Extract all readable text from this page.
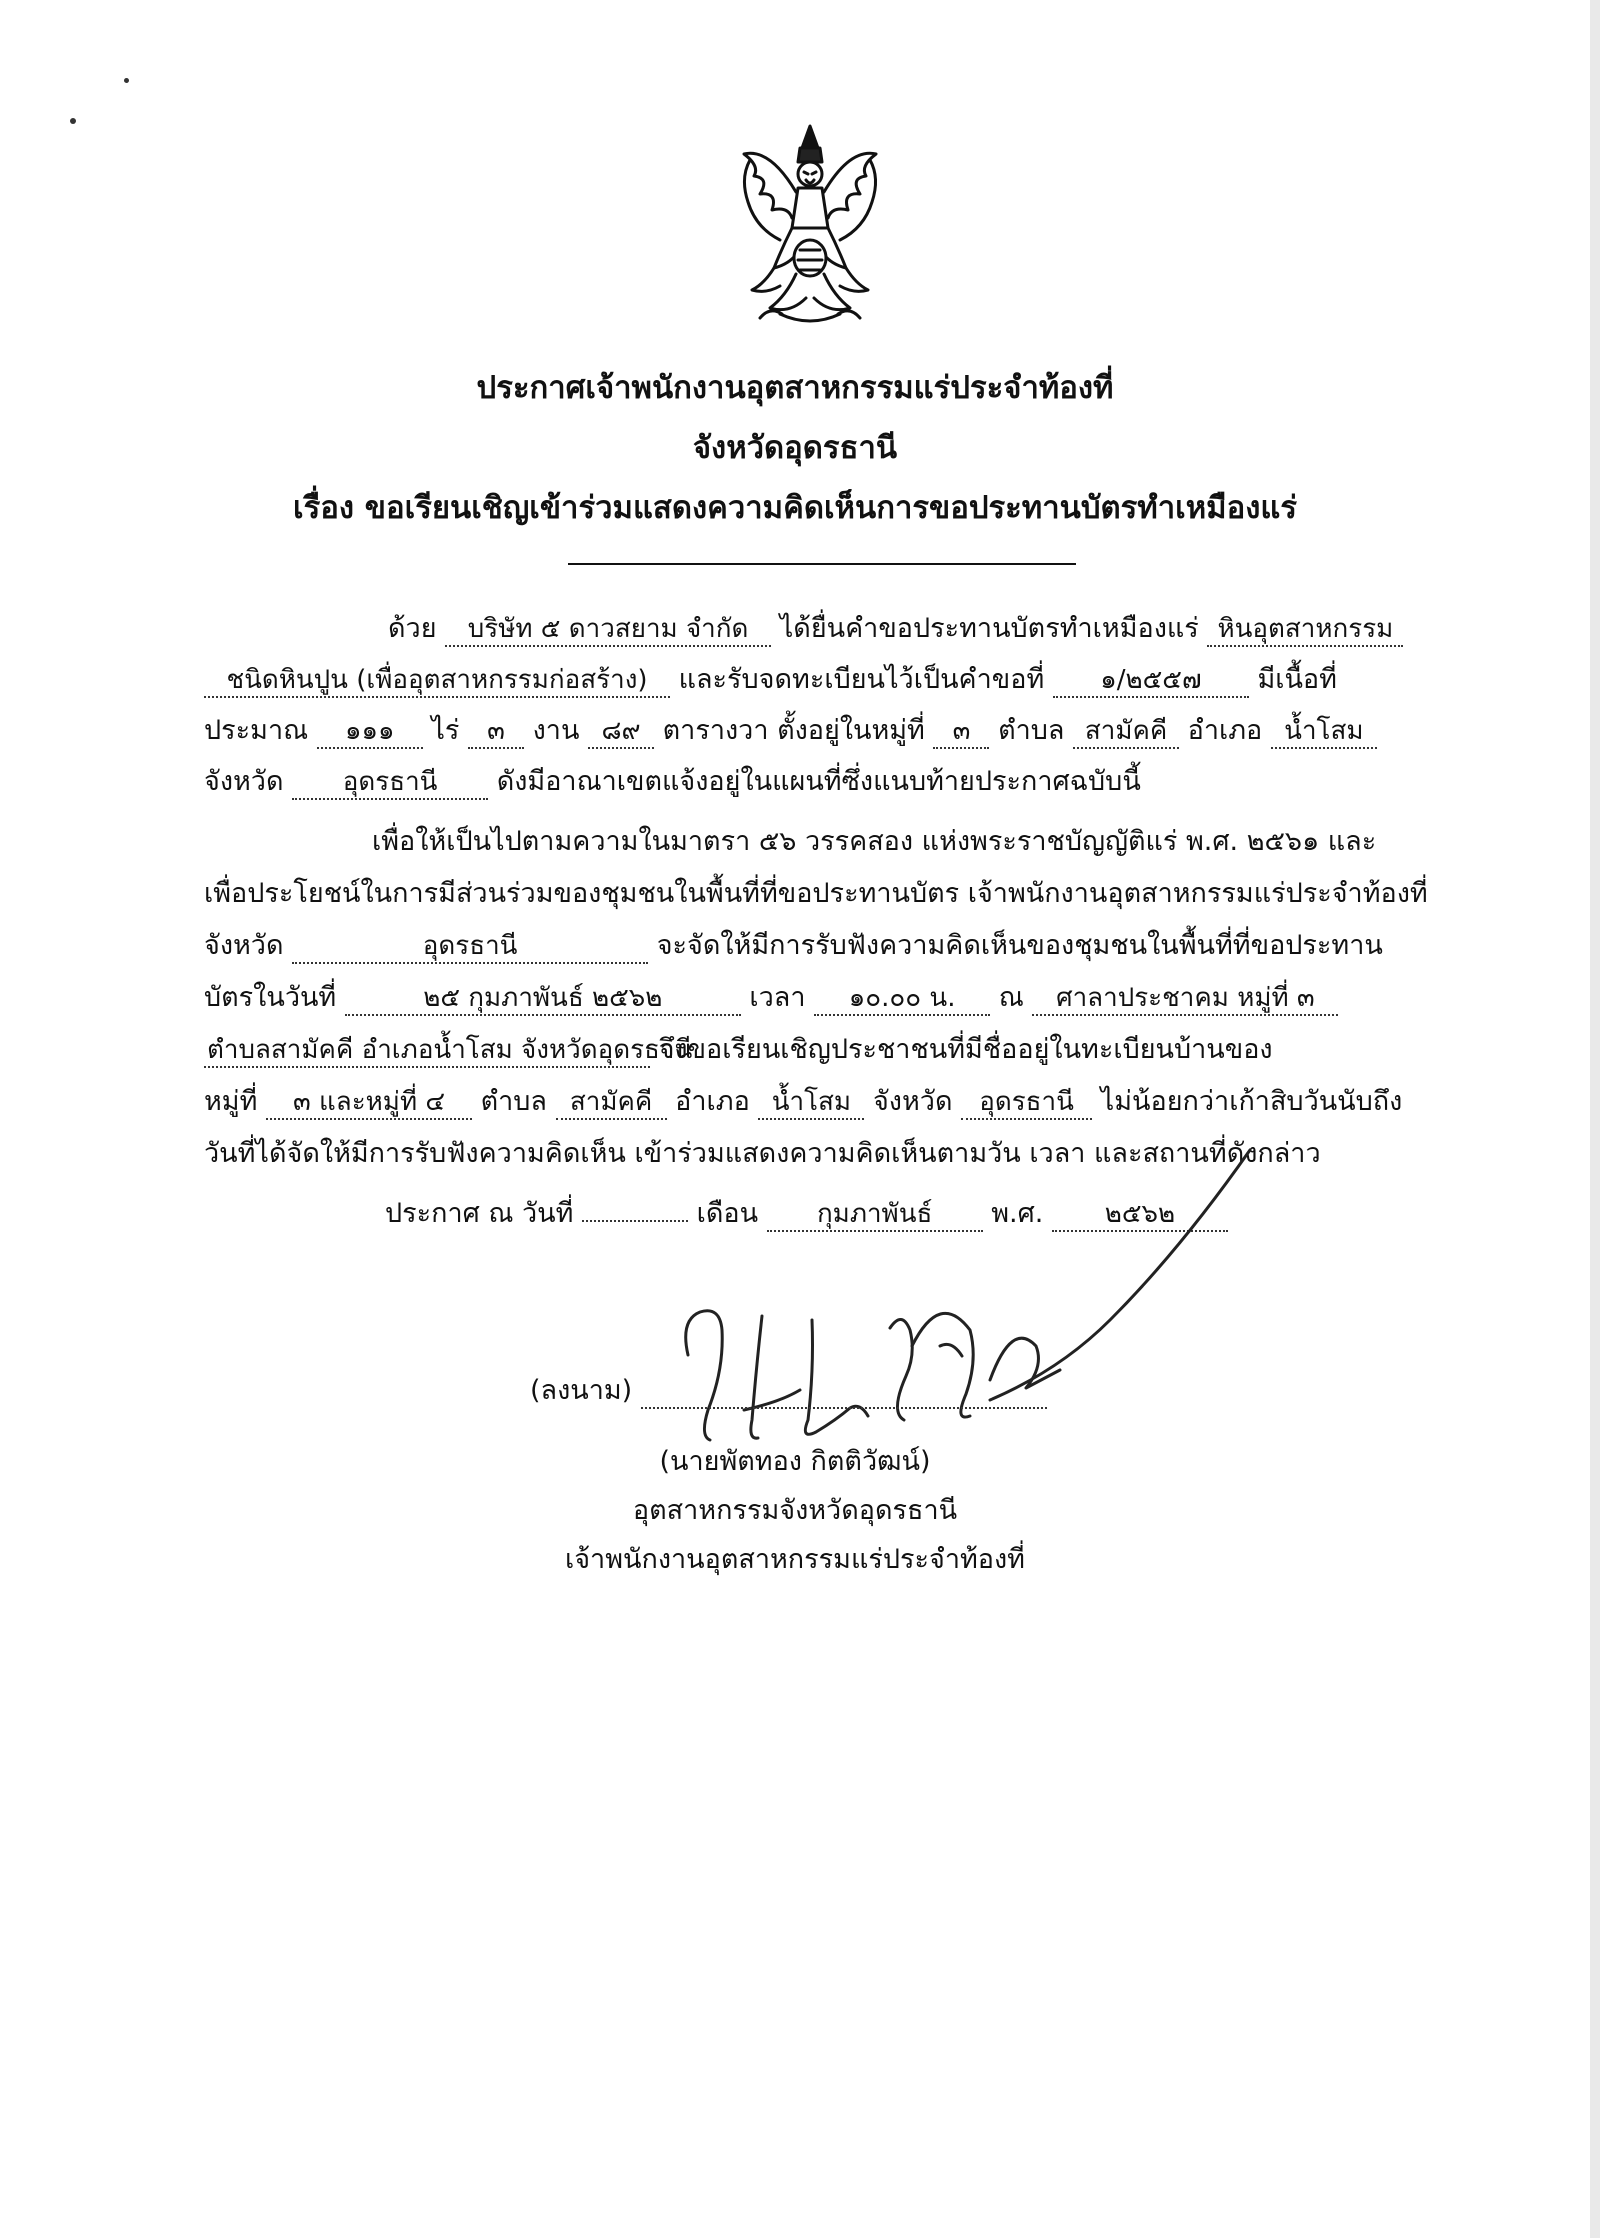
ประกาศเจ้าพนักงานอุตสาหกรรมแร่ประจำท้องที่
จังหวัดอุดรธานี
เรื่อง ขอเรียนเชิญเข้าร่วมแสดงความคิดเห็นการขอประทานบัตรทำเหมืองแร่
ด้วย บริษัท ๕ ดาวสยาม จำกัด ได้ยื่นคำขอประทานบัตรทำเหมืองแร่ หินอุตสาหกรรม
ชนิดหินปูน (เพื่ออุตสาหกรรมก่อสร้าง) และรับจดทะเบียนไว้เป็นคำขอที่ ๑/๒๕๕๗ มีเนื้อที่
ประมาณ ๑๑๑ ไร่ ๓ งาน ๘๙ ตารางวา ตั้งอยู่ในหมู่ที่ ๓ ตำบล สามัคคี อำเภอ น้ำโสม
จังหวัด อุดรธานี ดังมีอาณาเขตแจ้งอยู่ในแผนที่ซึ่งแนบท้ายประกาศฉบับนี้
เพื่อให้เป็นไปตามความในมาตรา ๕๖ วรรคสอง แห่งพระราชบัญญัติแร่ พ.ศ. ๒๕๖๑ และ
เพื่อประโยชน์ในการมีส่วนร่วมของชุมชนในพื้นที่ที่ขอประทานบัตร เจ้าพนักงานอุตสาหกรรมแร่ประจำท้องที่
จังหวัด	อุดรธานี	จะจัดให้มีการรับฟังความคิดเห็นของชุมชนในพื้นที่ที่ขอประทาน
บัตรในวันที่	๒๕ กุมภาพันธ์ ๒๕๖๒	เวลา ๑๐.๐๐ น. ณ ศาลาประชาคม หมู่ที่ ๓
ตำบลสามัคคี อำเภอน้ำโสม จังหวัดอุดรธานี จึงขอเรียนเชิญประชาชนที่มีชื่ออยู่ในทะเบียนบ้านของ
หมู่ที่ ๓ และหมู่ที่ ๔ ตำบล สามัคคี อำเภอ น้ำโสม จังหวัด อุดรธานี ไม่น้อยกว่าเก้าสิบวันนับถึง
วันที่ได้จัดให้มีการรับฟังความคิดเห็น เข้าร่วมแสดงความคิดเห็นตามวัน เวลา และสถานที่ดังกล่าว
ประกาศ ณ วันที่	เดือน กุมภาพันธ์ พ.ศ. ๒๕๖๒
(ลงนาม)
(นายพัตทอง กิตติวัฒน์)
อุตสาหกรรมจังหวัดอุดรธานี
เจ้าพนักงานอุตสาหกรรมแร่ประจำท้องที่
